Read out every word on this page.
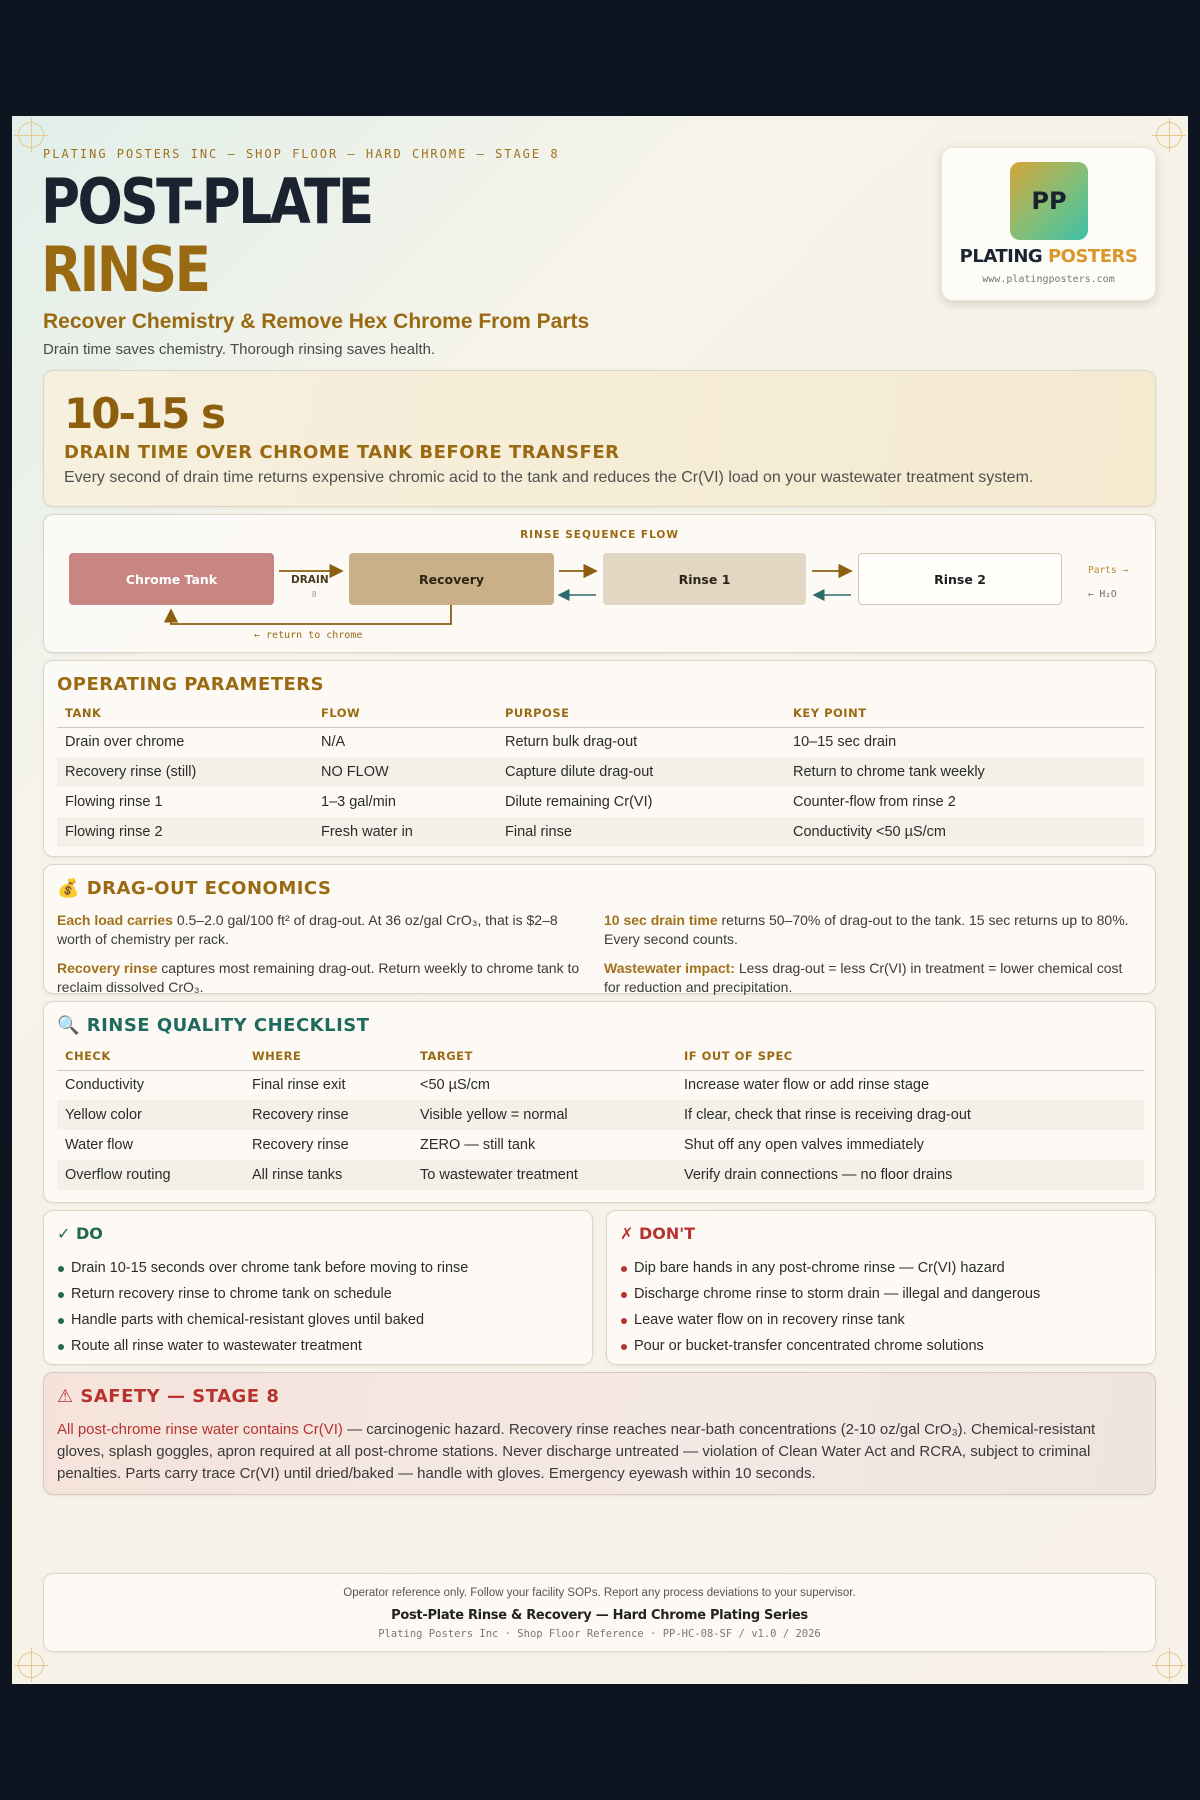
PLATING POSTERS INC — SHOP FLOOR — HARD CHROME — STAGE 8
POST-PLATE
RINSE
Recover Chemistry & Remove Hex Chrome From Parts
Drain time saves chemistry. Thorough rinsing saves health.
PP
PLATING POSTERS
www.platingposters.com
10-15 s
DRAIN TIME OVER CHROME TANK BEFORE TRANSFER
Every second of drain time returns expensive chromic acid to the tank and reduces the Cr(VI) load on your wastewater treatment system.
RINSE SEQUENCE FLOW
Chrome Tank	Recovery	Rinse 1	Rinse 2
DRAIN
8
← return to chrome
Parts →
← H₂O
OPERATING PARAMETERS
TANK	FLOW	PURPOSE	KEY POINT
Drain over chrome	N/A	Return bulk drag-out	10–15 sec drain
Recovery rinse (still)	NO FLOW	Capture dilute drag-out	Return to chrome tank weekly
Flowing rinse 1	1–3 gal/min	Dilute remaining Cr(VI)	Counter-flow from rinse 2
Flowing rinse 2	Fresh water in	Final rinse	Conductivity <50 µS/cm
💰 DRAG-OUT ECONOMICS
Each load carries 0.5–2.0 gal/100 ft² of drag-out. At 36 oz/gal CrO₃, that is $2–8 worth of chemistry per rack.
10 sec drain time returns 50–70% of drag-out to the tank. 15 sec returns up to 80%. Every second counts.
Recovery rinse captures most remaining drag-out. Return weekly to chrome tank to reclaim dissolved CrO₃.
Wastewater impact: Less drag-out = less Cr(VI) in treatment = lower chemical cost for reduction and precipitation.
🔍 RINSE QUALITY CHECKLIST
CHECK	WHERE	TARGET	IF OUT OF SPEC
Conductivity	Final rinse exit	<50 µS/cm	Increase water flow or add rinse stage
Yellow color	Recovery rinse	Visible yellow = normal	If clear, check that rinse is receiving drag-out
Water flow	Recovery rinse	ZERO — still tank	Shut off any open valves immediately
Overflow routing	All rinse tanks	To wastewater treatment	Verify drain connections — no floor drains
✓ DO
Drain 10-15 seconds over chrome tank before moving to rinse
Return recovery rinse to chrome tank on schedule
Handle parts with chemical-resistant gloves until baked
Route all rinse water to wastewater treatment
✗ DON'T
Dip bare hands in any post-chrome rinse — Cr(VI) hazard
Discharge chrome rinse to storm drain — illegal and dangerous
Leave water flow on in recovery rinse tank
Pour or bucket-transfer concentrated chrome solutions
⚠ SAFETY — STAGE 8
All post-chrome rinse water contains Cr(VI) — carcinogenic hazard. Recovery rinse reaches near-bath concentrations (2-10 oz/gal CrO₃). Chemical-resistant gloves, splash goggles, apron required at all post-chrome stations. Never discharge untreated — violation of Clean Water Act and RCRA, subject to criminal penalties. Parts carry trace Cr(VI) until dried/baked — handle with gloves. Emergency eyewash within 10 seconds.
Operator reference only. Follow your facility SOPs. Report any process deviations to your supervisor.
Post-Plate Rinse & Recovery — Hard Chrome Plating Series
Plating Posters Inc · Shop Floor Reference · PP-HC-08-SF / v1.0 / 2026
